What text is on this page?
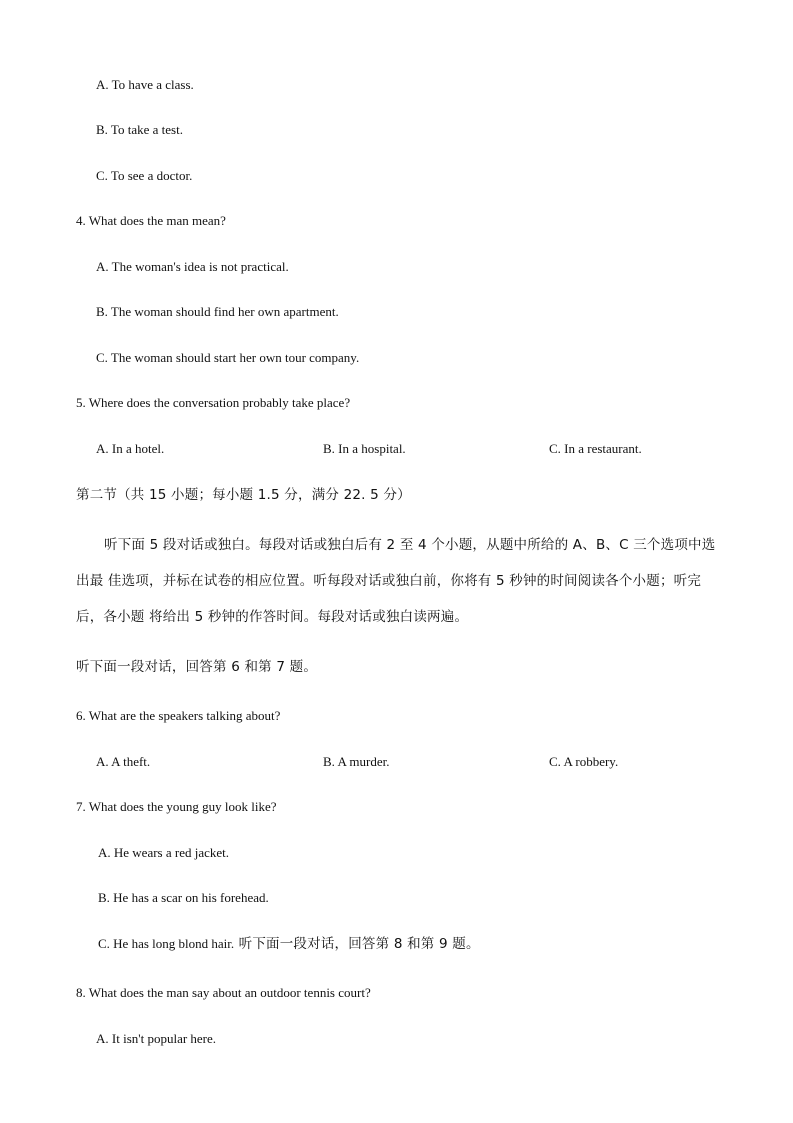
A. To have a class.
B. To take a test.
C. To see a doctor.
4. What does the man mean?
A. The woman's idea is not practical.
B. The woman should find her own apartment.
C. The woman should start her own tour company.
5. Where does the conversation probably take place?
A. In a hotel.	B. In a hospital.	C. In a restaurant.
第二节（共 15 小题；每小题 1.5 分，满分 22. 5 分）
听下面 5 段对话或独白。每段对话或独白后有 2 至 4 个小题，从题中所给的 A、B、C 三个选项中选
出最 佳选项，并标在试卷的相应位置。听每段对话或独白前，你将有 5 秒钟的时间阅读各个小题；听完
后，各小题 将给出 5 秒钟的作答时间。每段对话或独白读两遍。
听下面一段对话，回答第 6 和第 7 题。
6. What are the speakers talking about?
A. A theft.	B. A murder.	C. A robbery.
7. What does the young guy look like?
A. He wears a red jacket.
B. He has a scar on his forehead.
C. He has long blond hair. 听下面一段对话，回答第 8 和第 9 题。
8. What does the man say about an outdoor tennis court?
A. It isn't popular here.
